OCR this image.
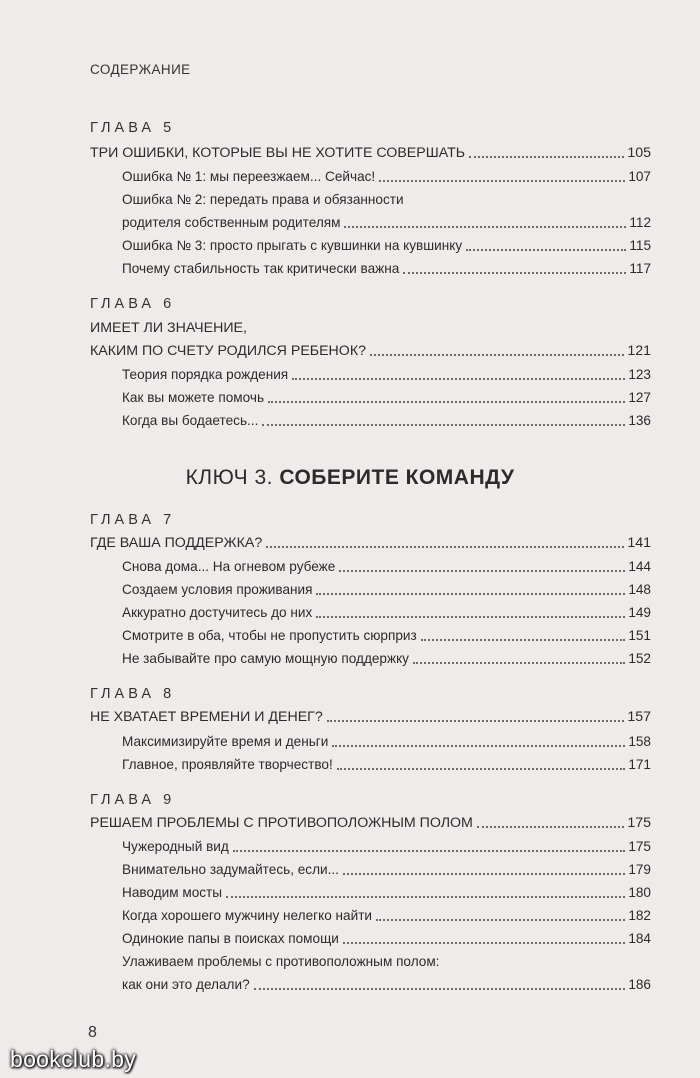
СОДЕРЖАНИЕ
ГЛАВА 5
ТРИ ОШИБКИ, КОТОРЫЕ ВЫ НЕ ХОТИТЕ СОВЕРШАТЬ	105
Ошибка № 1: мы переезжаем... Сейчас!	107
Ошибка № 2: передать права и обязанности
родителя собственным родителям	112
Ошибка № 3: просто прыгать с кувшинки на кувшинку	115
Почему стабильность так критически важна	117
ГЛАВА 6
ИМЕЕТ ЛИ ЗНАЧЕНИЕ,
КАКИМ ПО СЧЕТУ РОДИЛСЯ РЕБЕНОК?	121
Теория порядка рождения	123
Как вы можете помочь	127
Когда вы бодаетесь...	136
КЛЮЧ 3. СОБЕРИТЕ КОМАНДУ
ГЛАВА 7
ГДЕ ВАША ПОДДЕРЖКА?	141
Снова дома... На огневом рубеже	144
Создаем условия проживания	148
Аккуратно достучитесь до них	149
Смотрите в оба, чтобы не пропустить сюрприз	151
Не забывайте про самую мощную поддержку	152
ГЛАВА 8
НЕ ХВАТАЕТ ВРЕМЕНИ И ДЕНЕГ?	157
Максимизируйте время и деньги	158
Главное, проявляйте творчество!	171
ГЛАВА 9
РЕШАЕМ ПРОБЛЕМЫ С ПРОТИВОПОЛОЖНЫМ ПОЛОМ	175
Чужеродный вид	175
Внимательно задумайтесь, если...	179
Наводим мосты	180
Когда хорошего мужчину нелегко найти	182
Одинокие папы в поисках помощи	184
Улаживаем проблемы с противоположным полом:
как они это делали?	186
8
bookclub.by
